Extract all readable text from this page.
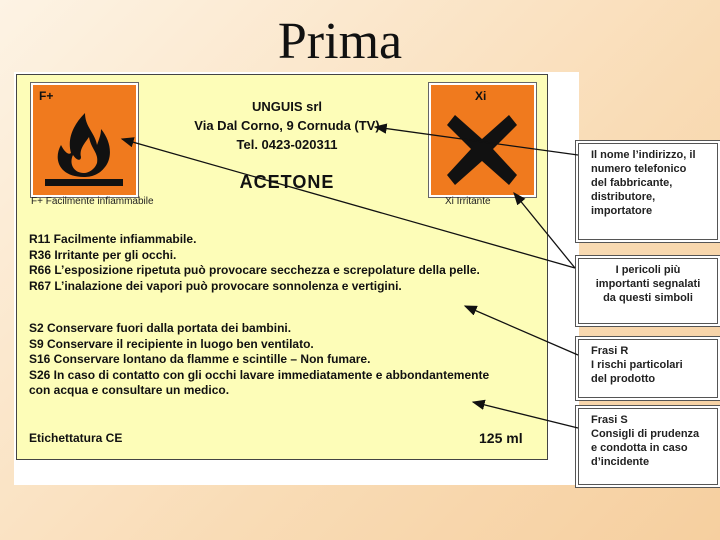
Prima
F+
F+ Facilmente infiammabile
Xi
Xi Irritante
UNGUIS srl
Via Dal Corno, 9 Cornuda (TV)
Tel. 0423-020311
ACETONE
R11 Facilmente infiammabile.
R36 Irritante per gli occhi.
R66 L’esposizione ripetuta può provocare secchezza e screpolature della pelle.
R67 L’inalazione dei vapori può provocare sonnolenza e vertigini.
S2 Conservare fuori dalla portata dei bambini.
S9 Conservare il recipiente in luogo ben ventilato.
S16 Conservare lontano da flamme e scintille – Non fumare.
S26 In caso di contatto con gli occhi lavare immediatamente e abbondantemente
con acqua e consultare un medico.
Etichettatura CE	125 ml
Il nome l’indirizzo, il
numero telefonico
del fabbricante,
distributore,
importatore
I pericoli più
importanti segnalati
da questi simboli
Frasi R
I rischi particolari
del prodotto
Frasi S
Consigli di prudenza
e condotta in caso
d’incidente
